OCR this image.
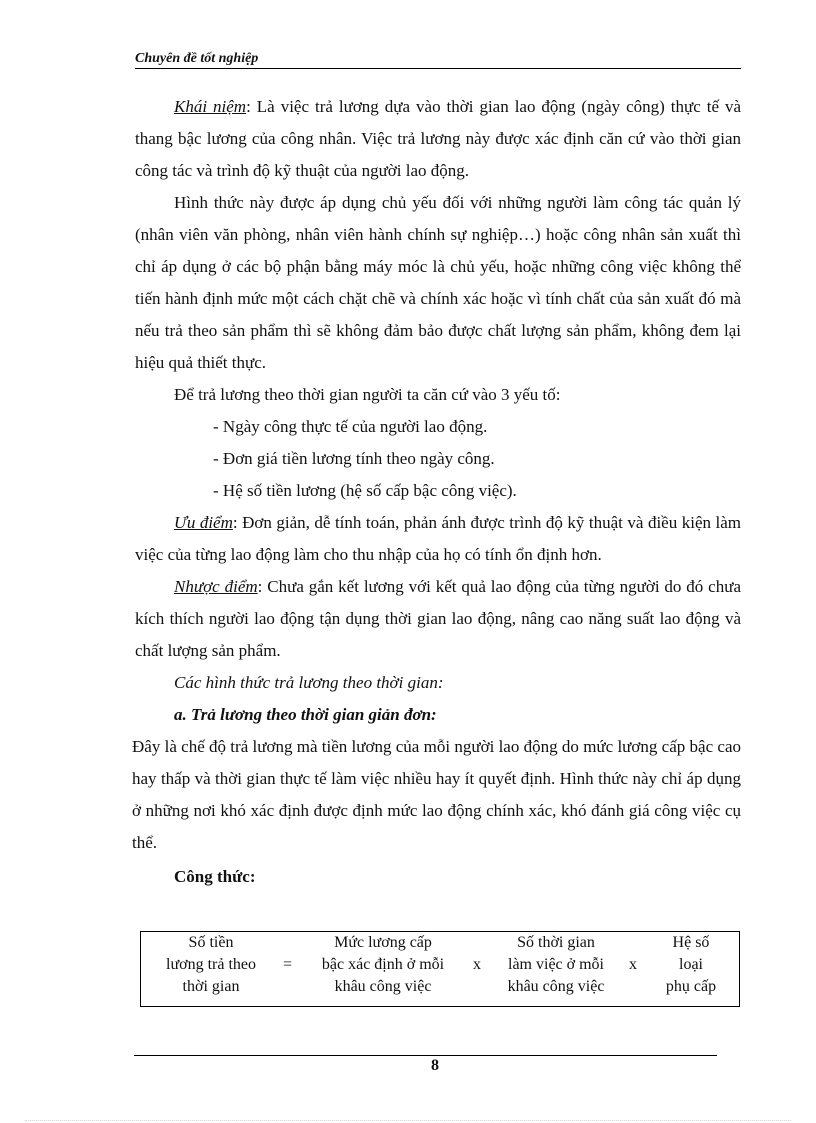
Chuyên đề tốt nghiệp

Khái niệm: Là việc trả lương dựa vào thời gian lao động (ngày công) thực tế và thang bậc lương của công nhân. Việc trả lương này được xác định căn cứ vào thời gian công tác và trình độ kỹ thuật của người lao động.

Hình thức này được áp dụng chủ yếu đối với những người làm công tác quản lý (nhân viên văn phòng, nhân viên hành chính sự nghiệp…) hoặc công nhân sản xuất thì chỉ áp dụng ở các bộ phận bằng máy móc là chủ yếu, hoặc những công việc không thể tiến hành định mức một cách chặt chẽ và chính xác hoặc vì tính chất của sản xuất đó mà nếu trả theo sản phẩm thì sẽ không đảm bảo được chất lượng sản phẩm, không đem lại hiệu quả thiết thực.

Để trả lương theo thời gian người ta căn cứ vào 3 yếu tố:

- Ngày công thực tế của người lao động.

- Đơn giá tiền lương tính theo ngày công.

- Hệ số tiền lương (hệ số cấp bậc công việc).

Ưu điểm: Đơn giản, dễ tính toán, phản ánh được trình độ kỹ thuật và điều kiện làm việc của từng lao động làm cho thu nhập của họ có tính ổn định hơn.

Nhược điểm: Chưa gắn kết lương với kết quả lao động của từng người do đó chưa kích thích người lao động tận dụng thời gian lao động, nâng cao năng suất lao động và chất lượng sản phẩm.

Các hình thức trả lương theo thời gian:

a. Trả lương theo thời gian giản đơn:

Đây là chế độ trả lương mà tiền lương của mỗi người lao động do mức lương cấp bậc cao hay thấp và thời gian thực tế làm việc nhiều hay ít quyết định. Hình thức này chỉ áp dụng ở những nơi khó xác định được định mức lao động chính xác, khó đánh giá công việc cụ thể.

Công thức:

Số tiền
lương trả theo
thời gian
=
Mức lương cấp
bậc xác định ở mỗi
khâu công việc
x
Số thời gian
làm việc ở mỗi
khâu công việc
x
Hệ số
loại
phụ cấp
8
